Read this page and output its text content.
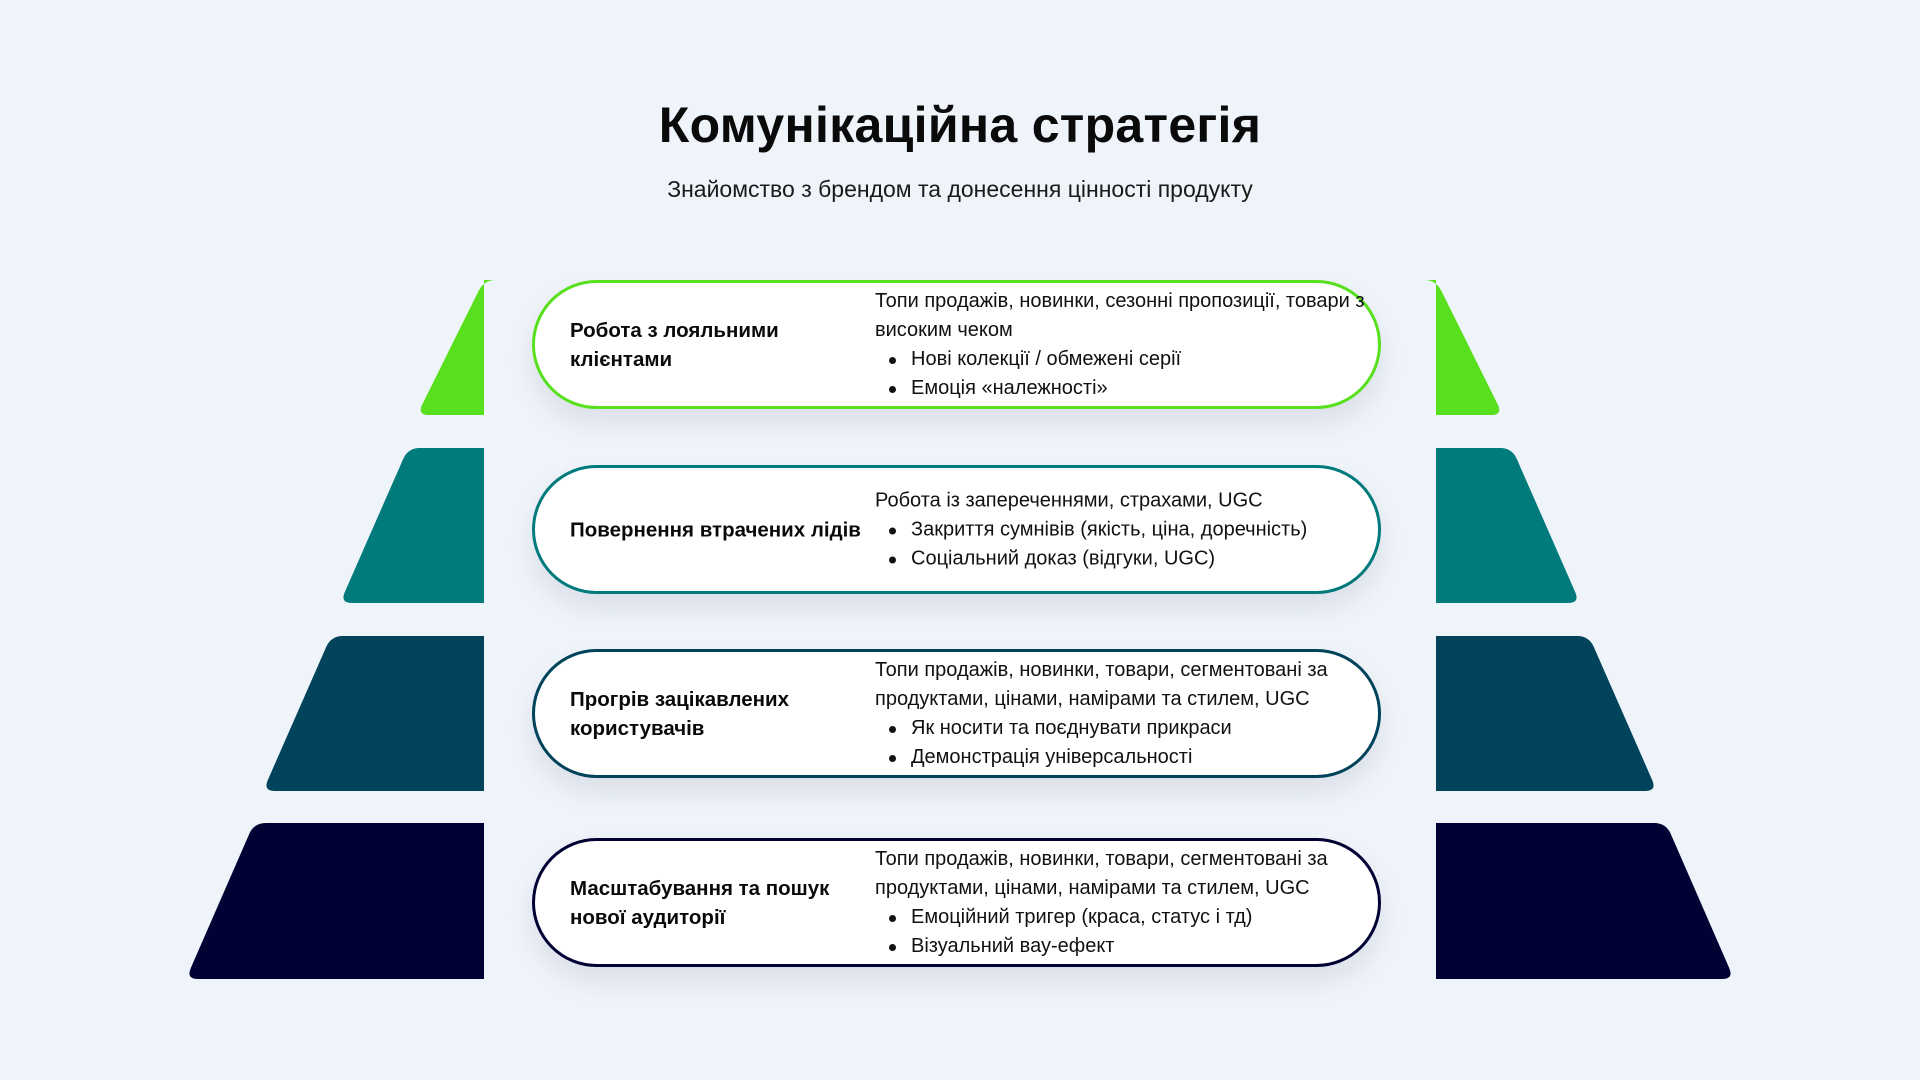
Комунікаційна стратегія

Знайомство з брендом та донесення цінності продукту

Робота з лояльними клієнтами

Топи продажів, новинки, сезонні пропозиції, товари з високим чеком

Нові колекції / обмежені серії
Емоція «належності»
Повернення втрачених лідів

Робота із запереченнями, страхами, UGC

Закриття сумнівів (якість, ціна, доречність)
Соціальний доказ (відгуки, UGC)
Прогрів зацікавлених користувачів

Топи продажів, новинки, товари, сегментовані за продуктами, цінами, намірами та стилем, UGC

Як носити та поєднувати прикраси
Демонстрація універсальності
Масштабування та пошук нової аудиторії

Топи продажів, новинки, товари, сегментовані за продуктами, цінами, намірами та стилем, UGC

Емоційний тригер (краса, статус і тд)
Візуальний вау-ефект
